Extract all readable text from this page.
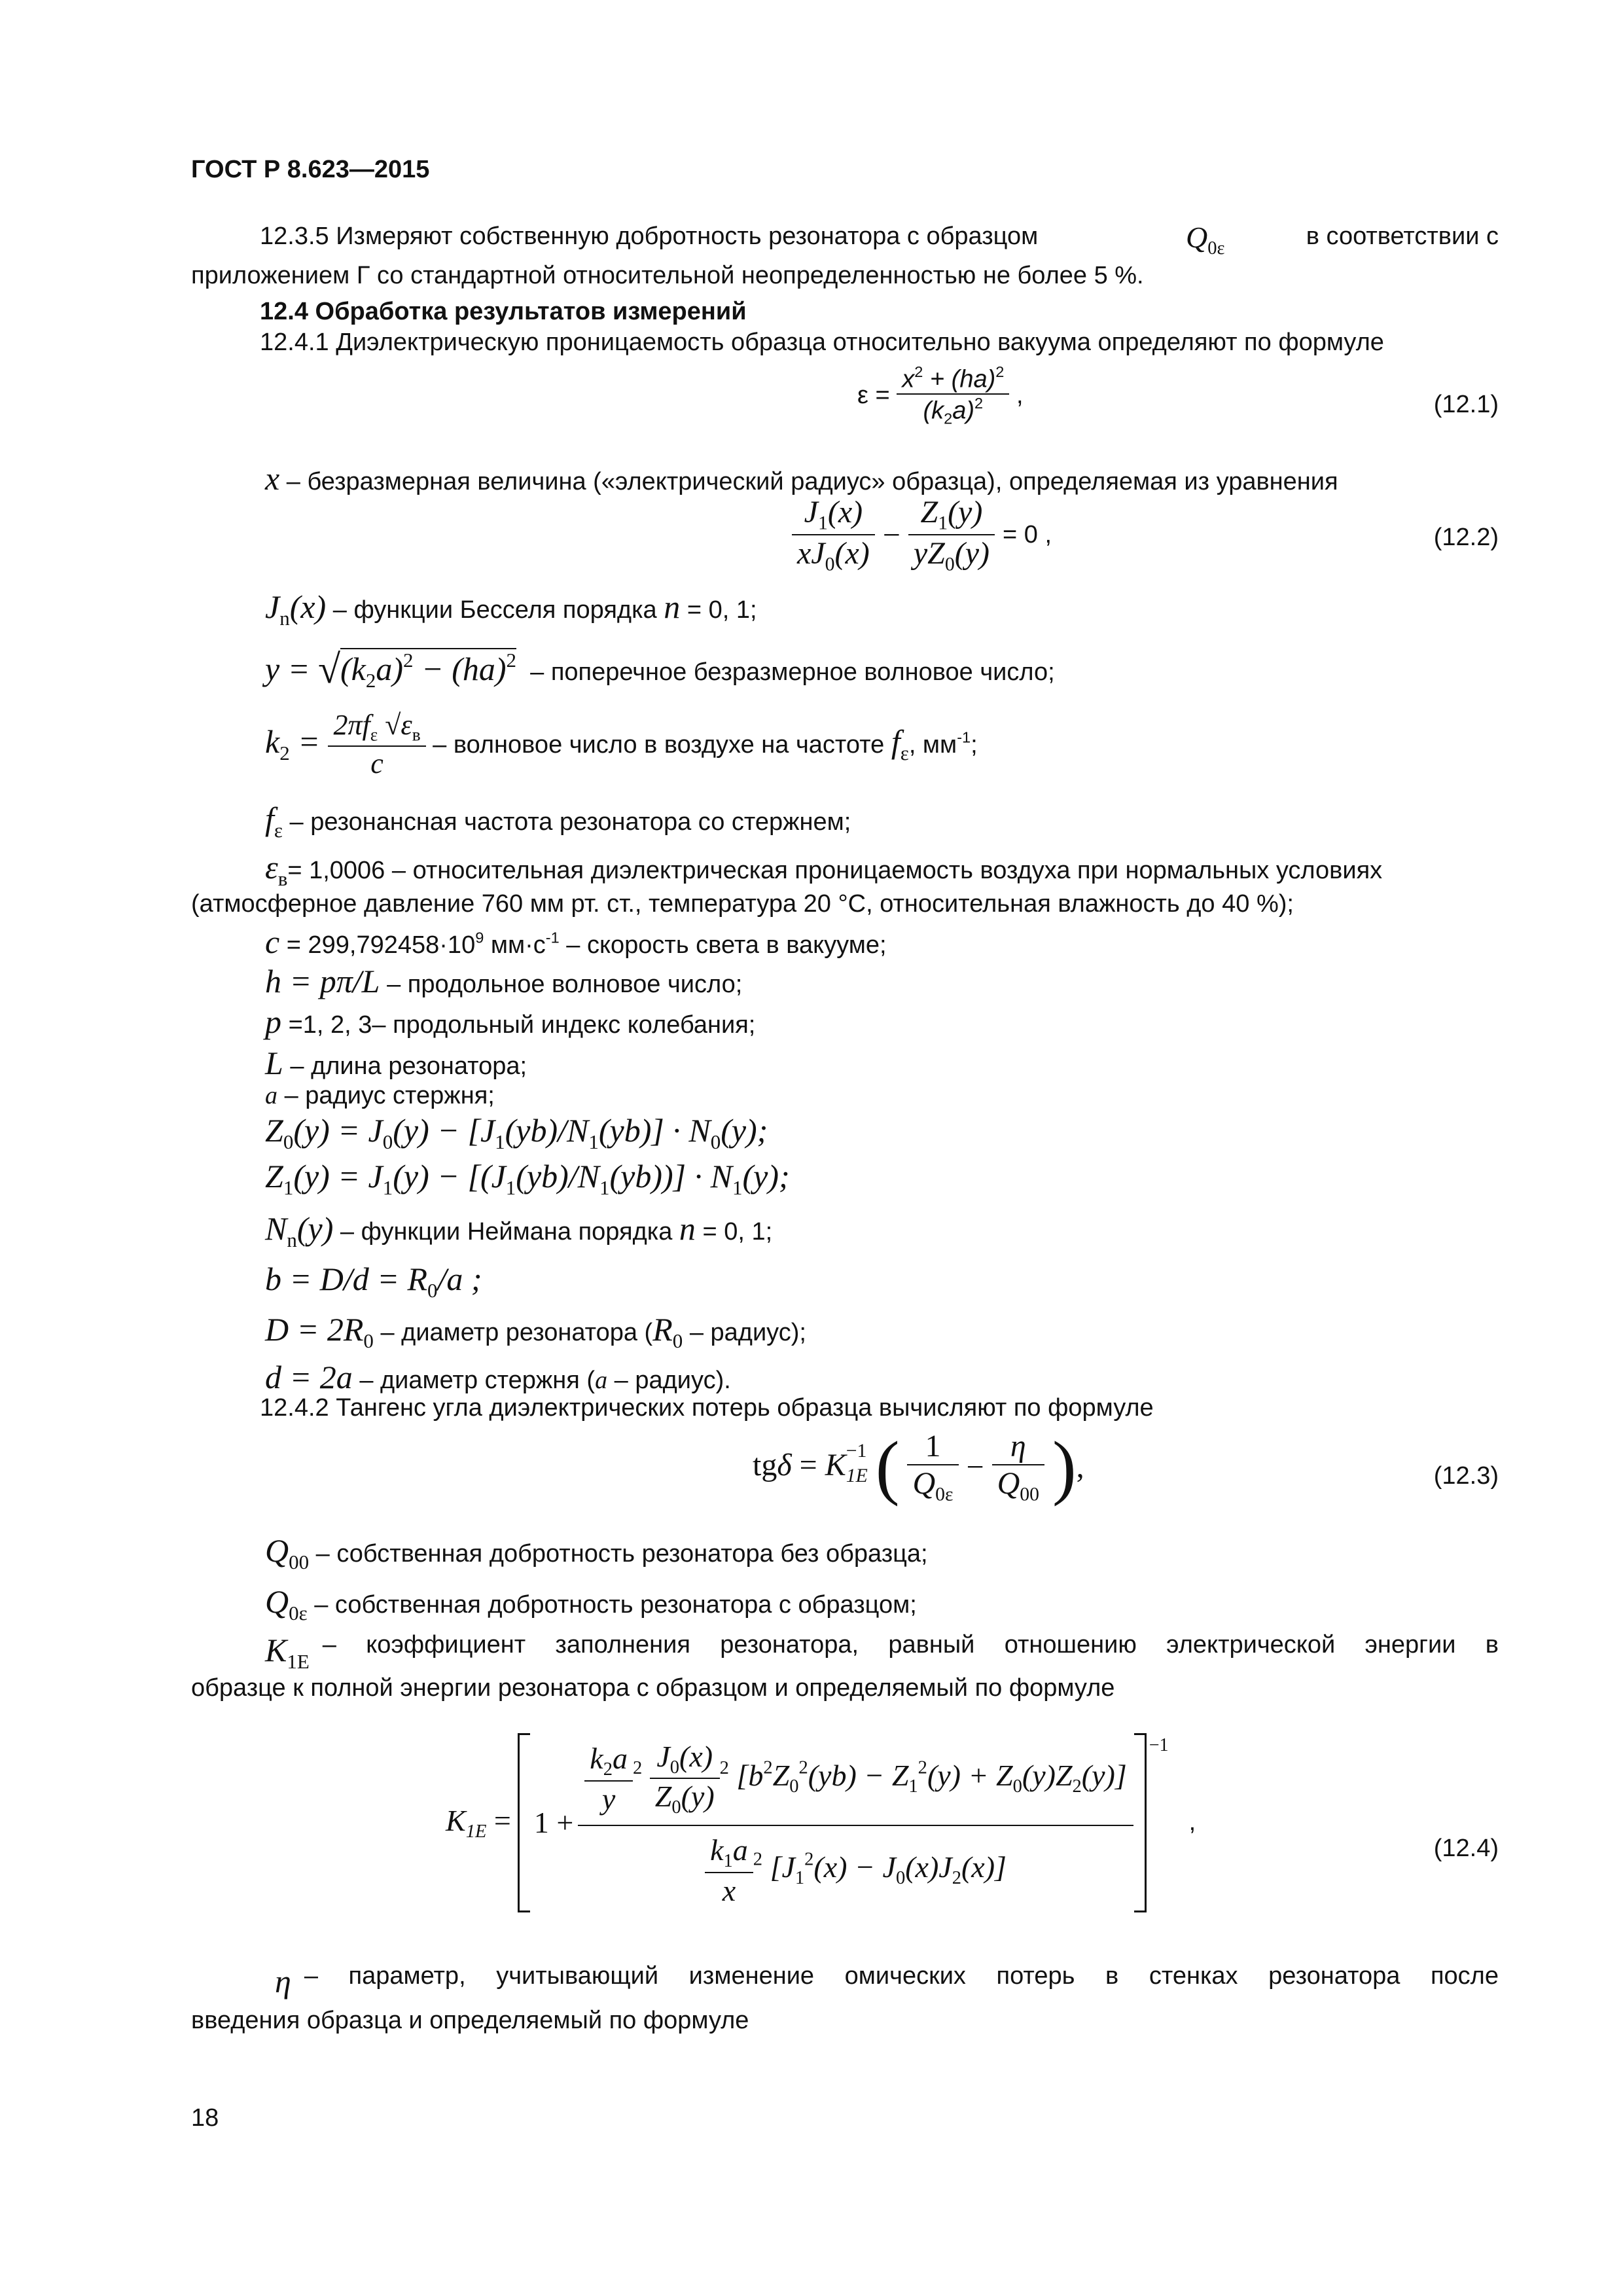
ГОСТ Р 8.623—2015
12.3.5 Измеряют собственную добротность резонатора с образцом	$Q_{0\varepsilon}$	в соответствии с
приложением Г со стандартной относительной неопределенностью не более 5 %.
12.4 Обработка результатов измерений
12.4.1 Диэлектрическую проницаемость образца относительно вакуума определяют по формуле
$\varepsilon = \frac{x^2 + (ha)^2}{(k_2a)^2}$ ,	(12.1)
x – безразмерная величина («электрический радиус» образца), определяемая из уравнения
$\frac{J_1(x)}{xJ_0(x)} - \frac{Z_1(y)}{yZ_0(y)} = 0$ ,	(12.2)
$J_n(x)$ – функции Бесселя порядка n = 0, 1;
$y = √(k_2a)^2 - (ha)^2$ – поперечное безразмерное волновое число;
$k_2 = \frac{2\pi f_\varepsilon √\varepsilon_в}{c}$ – волновое число в воздухе на частоте $f_\varepsilon$, $мм^{-1}$;
$f_\varepsilon$ – резонансная частота резонатора со стержнем;
$\varepsilon_в= 1,0006$ – относительная диэлектрическая проницаемость воздуха при нормальных условиях
(атмосферное давление 760 мм рт. ст., температура 20 °С, относительная влажность до 40 %);
$c = 299,792458\cdot 10^9$ $мм\cdot с^{-1}$ – скорость света в вакууме;
h = pπ/L – продольное волновое число;
p =1, 2, 3– продольный индекс колебания;
L – длина резонатора;
a – радиус стержня;
$Z_0(y) = J_0(y) - [J_1(yb)/N_1(yb)] \cdot N_0(y)$;
$Z_1(y) = J_1(y) - [(J_1(yb)/N_1(yb))] \cdot N_1(y)$;
$N_n(y)$ – функции Неймана порядка n = 0, 1;
$b = D/d = R_0/a$ ;
$D = 2R_0$ – диаметр резонатора ($R_0$ – радиус);
d = 2a – диаметр стержня (a – радиус).
12.4.2 Тангенс угла диэлектрических потерь образца вычисляют по формуле
tgδ = K $_{-1 1E}$ ( $\frac{1}{Q_{0\varepsilon}} - \frac{\eta}{Q_{00}}$ ),	(12.3)
$Q_{00}$ – собственная добротность резонатора без образца;
$Q_{0\varepsilon}$ – собственная добротность резонатора с образцом;
$K_{1E}$
– коэффициент заполнения резонатора, равный отношению электрической энергии в
образце к полной энергии резонатора с образцом и определяемый по формуле
$K_{1E}$ =		1 +	
$\frac{k_2a}{y} ^2 \frac{J_0(x)}{Z_0(y)} ^2$ $[b^2Z_0^2(yb) - Z_1^2(y) + Z_0(y)Z_2(y)]$
$\frac{k_1a}{x} ^2$ $[J_1^2(x) - J_0(x)J_2(x)]$
		−1	,
(12.4)
η – параметр, учитывающий изменение омических потерь в стенках резонатора после
введения образца и определяемый по формуле
18
